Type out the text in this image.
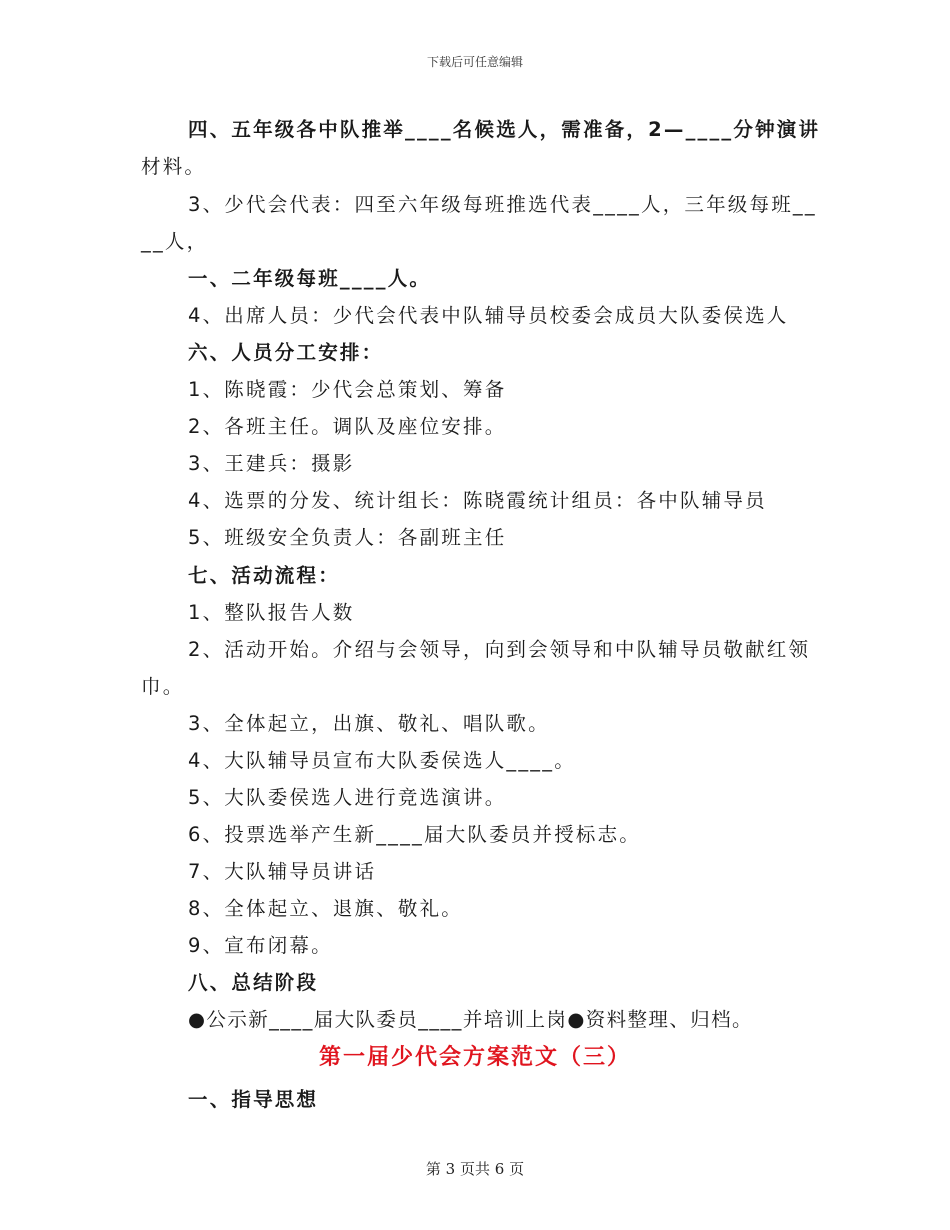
下载后可任意编辑
四、五年级各中队推举____名候选人，需准备，2—____分钟演讲
材料。
3、少代会代表：四至六年级每班推选代表____人，三年级每班__
__人，
一、二年级每班____人。
4、出席人员：少代会代表中队辅导员校委会成员大队委侯选人
六、人员分工安排：
1、陈晓霞：少代会总策划、筹备
2、各班主任。调队及座位安排。
3、王建兵：摄影
4、选票的分发、统计组长：陈晓霞统计组员：各中队辅导员
5、班级安全负责人：各副班主任
七、活动流程：
1、整队报告人数
2、活动开始。介绍与会领导，向到会领导和中队辅导员敬献红领
巾。
3、全体起立，出旗、敬礼、唱队歌。
4、大队辅导员宣布大队委侯选人____。
5、大队委侯选人进行竞选演讲。
6、投票选举产生新____届大队委员并授标志。
7、大队辅导员讲话
8、全体起立、退旗、敬礼。
9、宣布闭幕。
八、总结阶段
●公示新____届大队委员____并培训上岗●资料整理、归档。
第一届少代会方案范文（三）
一、指导思想
第 3 页共 6 页
